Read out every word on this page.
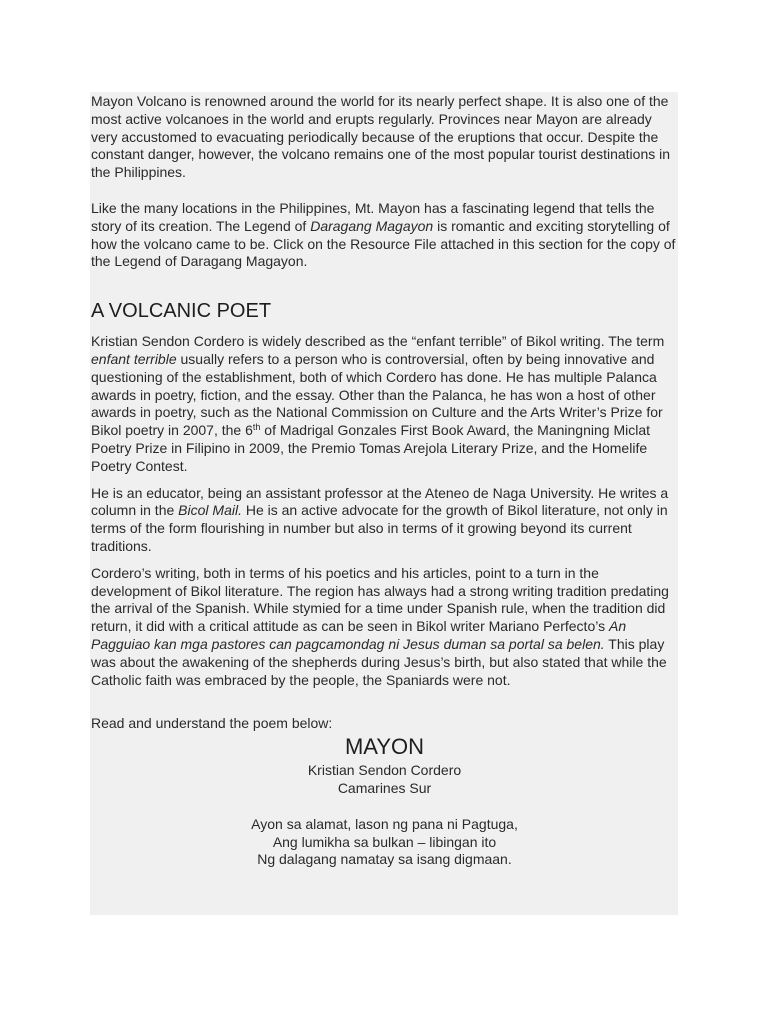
Mayon Volcano is renowned around the world for its nearly perfect shape. It is also one of the most active volcanoes in the world and erupts regularly. Provinces near Mayon are already very accustomed to evacuating periodically because of the eruptions that occur. Despite the constant danger, however, the volcano remains one of the most popular tourist destinations in the Philippines.

Like the many locations in the Philippines, Mt. Mayon has a fascinating legend that tells the story of its creation. The Legend of Daragang Magayon is romantic and exciting storytelling of how the volcano came to be. Click on the Resource File attached in this section for the copy of the Legend of Daragang Magayon.

A VOLCANIC POET

Kristian Sendon Cordero is widely described as the “enfant terrible” of Bikol writing. The term enfant terrible usually refers to a person who is controversial, often by being innovative and questioning of the establishment, both of which Cordero has done. He has multiple Palanca awards in poetry, fiction, and the essay. Other than the Palanca, he has won a host of other awards in poetry, such as the National Commission on Culture and the Arts Writer’s Prize for Bikol poetry in 2007, the 6th of Madrigal Gonzales First Book Award, the Maningning Miclat Poetry Prize in Filipino in 2009, the Premio Tomas Arejola Literary Prize, and the Homelife Poetry Contest.

He is an educator, being an assistant professor at the Ateneo de Naga University. He writes a column in the Bicol Mail. He is an active advocate for the growth of Bikol literature, not only in terms of the form flourishing in number but also in terms of it growing beyond its current traditions.

Cordero’s writing, both in terms of his poetics and his articles, point to a turn in the development of Bikol literature. The region has always had a strong writing tradition predating the arrival of the Spanish. While stymied for a time under Spanish rule, when the tradition did return, it did with a critical attitude as can be seen in Bikol writer Mariano Perfecto’s An Pagguiao kan mga pastores can pagcamondag ni Jesus duman sa portal sa belen. This play was about the awakening of the shepherds during Jesus’s birth, but also stated that while the Catholic faith was embraced by the people, the Spaniards were not.

Read and understand the poem below:

MAYON
Kristian Sendon Cordero
Camarines Sur
Ayon sa alamat, lason ng pana ni Pagtuga,
Ang lumikha sa bulkan – libingan ito
Ng dalagang namatay sa isang digmaan.
